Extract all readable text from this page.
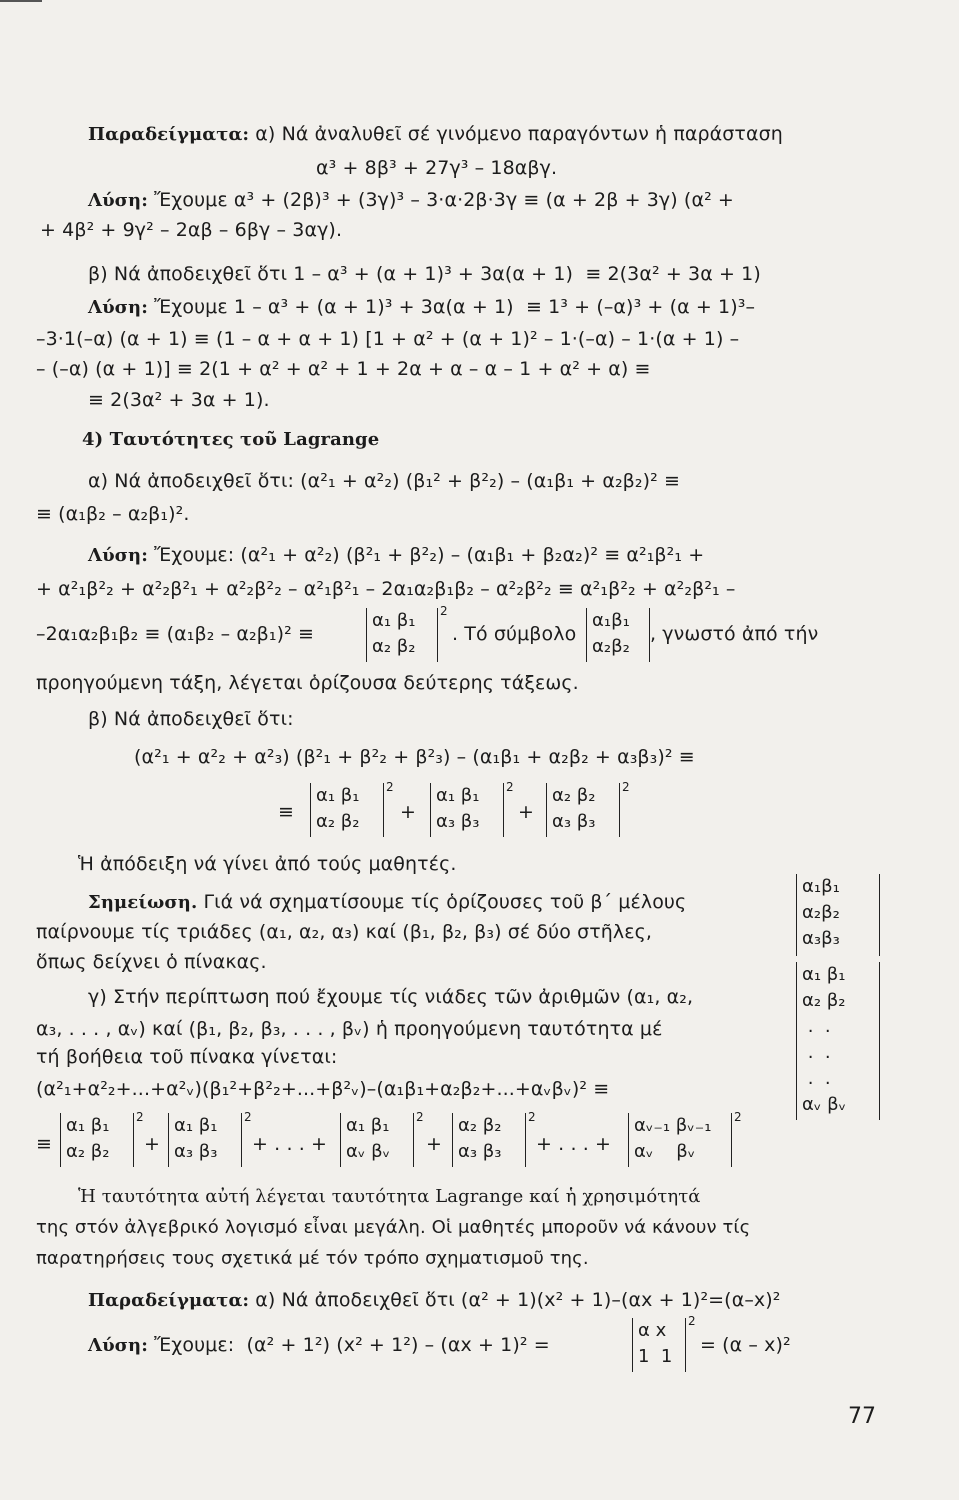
Παραδείγματα: α) Νά ἀναλυθεῖ σέ γινόμενο παραγόντων ἡ παράσταση
α³ + 8β³ + 27γ³ – 18αβγ.
Λύση: Ἔχουμε α³ + (2β)³ + (3γ)³ – 3·α·2β·3γ ≡ (α + 2β + 3γ) (α² +
+ 4β² + 9γ² – 2αβ – 6βγ – 3αγ).
β) Νά ἀποδειχθεῖ ὅτι 1 – α³ + (α + 1)³ + 3α(α + 1)  ≡ 2(3α² + 3α + 1)
Λύση: Ἔχουμε 1 – α³ + (α + 1)³ + 3α(α + 1)  ≡ 1³ + (–α)³ + (α + 1)³–
–3·1(–α) (α + 1) ≡ (1 – α + α + 1) [1 + α² + (α + 1)² – 1·(–α) – 1·(α + 1) –
– (–α) (α + 1)] ≡ 2(1 + α² + α² + 1 + 2α + α – α – 1 + α² + α) ≡
≡ 2(3α² + 3α + 1).
4) Ταυτότητες τοῦ Lagrange
α) Νά ἀποδειχθεῖ ὅτι: (α²₁ + α²₂) (β₁² + β²₂) – (α₁β₁ + α₂β₂)² ≡
≡ (α₁β₂ – α₂β₁)².
Λύση: Ἔχουμε: (α²₁ + α²₂) (β²₁ + β²₂) – (α₁β₁ + β₂α₂)² ≡ α²₁β²₁ +
+ α²₁β²₂ + α²₂β²₁ + α²₂β²₂ – α²₁β²₁ – 2α₁α₂β₁β₂ – α²₂β²₂ ≡ α²₁β²₂ + α²₂β²₁ –
–2α₁α₂β₁β₂ ≡ (α₁β₂ – α₂β₁)² ≡
α₁ β₁
α₂ β₂
2
. Τό σύμβολο
α₁β₁
α₂β₂
, γνωστό ἀπό τήν
προηγούμενη τάξη, λέγεται ὁρίζουσα δεύτερης τάξεως.
β) Νά ἀποδειχθεῖ ὅτι:
(α²₁ + α²₂ + α²₃) (β²₁ + β²₂ + β²₃) – (α₁β₁ + α₂β₂ + α₃β₃)² ≡
≡
α₁ β₁
α₂ β₂
2
+
α₁ β₁
α₃ β₃
2
+
α₂ β₂
α₃ β₃
2
Ἡ ἀπόδειξη νά γίνει ἀπό τούς μαθητές.
Σημείωση. Γιά νά σχηματίσουμε τίς ὁρίζουσες τοῦ β΄ μέλους
παίρνουμε τίς τριάδες (α₁, α₂, α₃) καί (β₁, β₂, β₃) σέ δύο στῆλες,
ὅπως δείχνει ὁ πίνακας.
α₁β₁
α₂β₂
α₃β₃
γ) Στήν περίπτωση πού ἔχουμε τίς νιάδες τῶν ἀριθμῶν (α₁, α₂,
α₃, . . . , αᵥ) καί (β₁, β₂, β₃, . . . , βᵥ) ἡ προηγούμενη ταυτότητα μέ
τή βοήθεια τοῦ πίνακα γίνεται:
α₁ β₁
α₂ β₂
.  .
.  .
.  .
αᵥ βᵥ
(α²₁+α²₂+...+α²ᵥ)(β₁²+β²₂+...+β²ᵥ)–(α₁β₁+α₂β₂+...+αᵥβᵥ)² ≡
≡
α₁ β₁
α₂ β₂
2
+
α₁ β₁
α₃ β₃
2
+ . . . +
α₁ β₁
αᵥ βᵥ
2
+
α₂ β₂
α₃ β₃
2
+ . . . +
αᵥ₋₁ βᵥ₋₁
αᵥ    βᵥ
2
Ἡ ταυτότητα αὐτή λέγεται ταυτότητα Lagrange καί ἡ χρησιμότητά
της στόν ἀλγεβρικό λογισμό εἶναι μεγάλη. Οἱ μαθητές μποροῦν νά κάνουν τίς
παρατηρήσεις τους σχετικά μέ τόν τρόπο σχηματισμοῦ της.
Παραδείγματα: α) Νά ἀποδειχθεῖ ὅτι (α² + 1)(x² + 1)–(αx + 1)²=(α–x)²
Λύση: Ἔχουμε:  (α² + 1²) (x² + 1²) – (αx + 1)² =
α x
1  1
2
= (α – x)²
77
